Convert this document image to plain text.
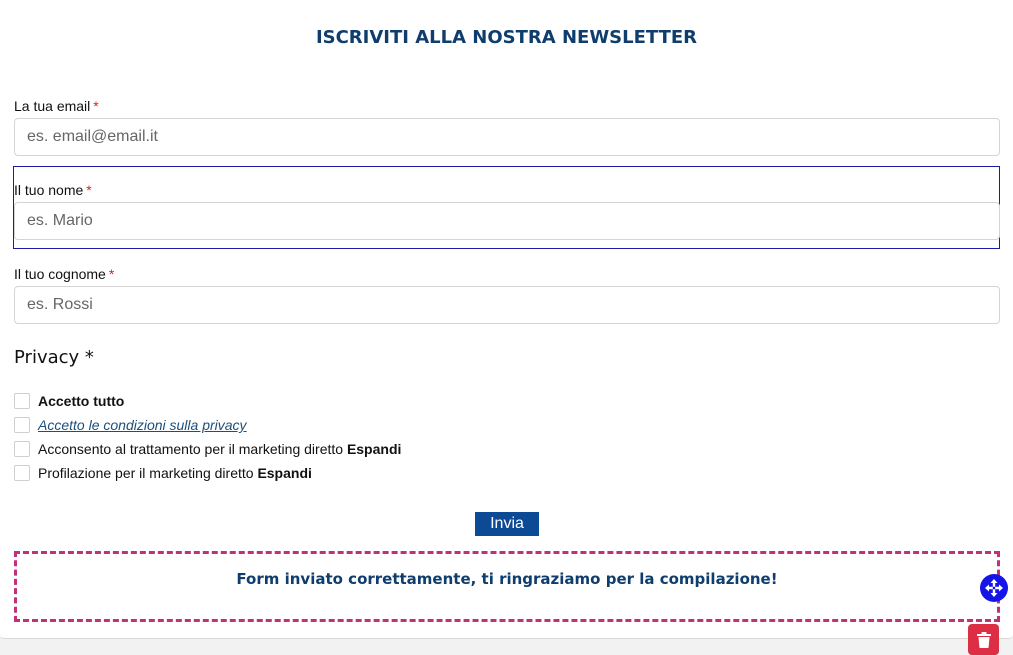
ISCRIVITI ALLA NOSTRA NEWSLETTER
La tua email *
es. email@email.it
Il tuo nome *
es. Mario
Il tuo cognome *
es. Rossi
Privacy *
Accetto tutto
Accetto le condizioni sulla privacy
Acconsento al trattamento per il marketing diretto
Espandi
Profilazione per il marketing diretto
Espandi
Invia
Form inviato correttamente, ti ringraziamo per la compilazione!
